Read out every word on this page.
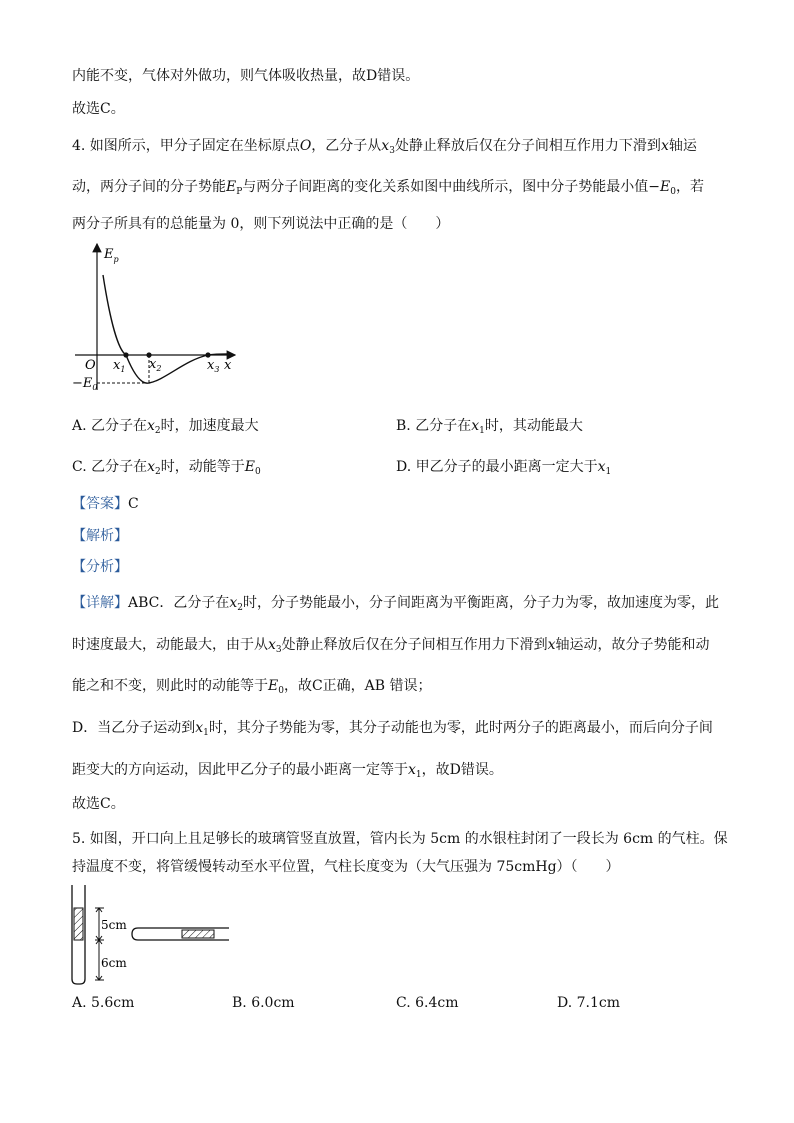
内能不变，气体对外做功，则气体吸收热量，故D错误。
故选C。
4. 如图所示，甲分子固定在坐标原点O，乙分子从$x_3$处静止释放后仅在分子间相互作用力下滑到x轴运
动，两分子间的分子势能$E_P$与两分子间距离的变化关系如图中曲线所示，图中分子势能最小值$-E_0$，若
两分子所具有的总能量为 0，则下列说法中正确的是（　　）
$E_p$
O $x_1$ $x_2$	$x_3$ x
$-E_0$
A. 乙分子在$x_2$时，加速度最大	B. 乙分子在$x_1$时，其动能最大
C. 乙分子在$x_2$时，动能等于$E_0$	D. 甲乙分子的最小距离一定大于$x_1$
【答案】C
【解析】
【分析】
【详解】ABC．乙分子在$x_2$时，分子势能最小，分子间距离为平衡距离，分子力为零，故加速度为零，此
时速度最大，动能最大，由于从$x_3$处静止释放后仅在分子间相互作用力下滑到x轴运动，故分子势能和动
能之和不变，则此时的动能等于$E_0$，故C正确，AB 错误；
D．当乙分子运动到$x_1$时，其分子势能为零，其分子动能也为零，此时两分子的距离最小，而后向分子间
距变大的方向运动，因此甲乙分子的最小距离一定等于$x_1$，故D错误。
故选C。
5. 如图，开口向上且足够长的玻璃管竖直放置，管内长为 5cm 的水银柱封闭了一段长为 6cm 的气柱。保
持温度不变，将管缓慢转动至水平位置，气柱长度变为（大气压强为 75cmHg）（　　）
5cm
6cm
A. 5.6cm	B. 6.0cm	C. 6.4cm	D. 7.1cm
